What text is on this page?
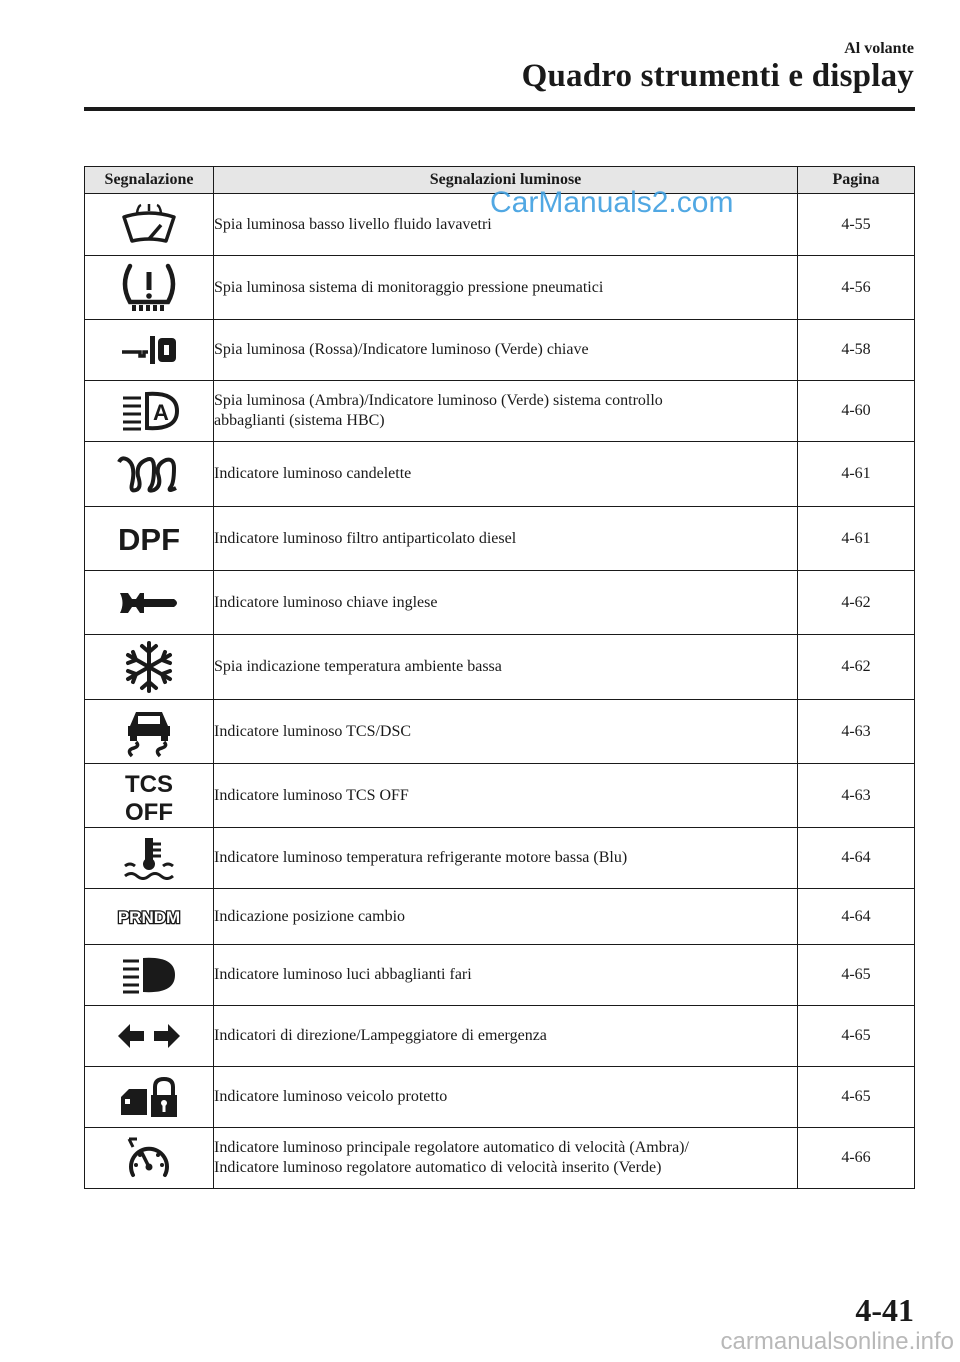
Al volante
Quadro strumenti e display
Segnalazione	Segnalazioni luminose	Pagina

	Spia luminosa basso livello fluido lavavetri	4-55

	Spia luminosa sistema di monitoraggio pressione pneumatici	4-56

	Spia luminosa (Rossa)/Indicatore luminoso (Verde) chiave	4-58

A	Spia luminosa (Ambra)/Indicatore luminoso (Verde) sistema controllo
abbaglianti (sistema HBC)	4-60

	Indicatore luminoso candelette	4-61

DPF	Indicatore luminoso filtro antiparticolato diesel	4-61

	Indicatore luminoso chiave inglese	4-62

	Spia indicazione temperatura ambiente bassa	4-62

	Indicatore luminoso TCS/DSC	4-63

TCS
OFF	Indicatore luminoso TCS OFF	4-63

	Indicatore luminoso temperatura refrigerante motore bassa (Blu)	4-64

PRNDM	Indicazione posizione cambio	4-64

	Indicatore luminoso luci abbaglianti fari	4-65

	Indicatori di direzione/Lampeggiatore di emergenza	4-65

	Indicatore luminoso veicolo protetto	4-65

	Indicatore luminoso principale regolatore automatico di velocità (Ambra)/
Indicatore luminoso regolatore automatico di velocità inserito (Verde)	4-66
CarManuals2.com
4-41
carmanualsonline.info
